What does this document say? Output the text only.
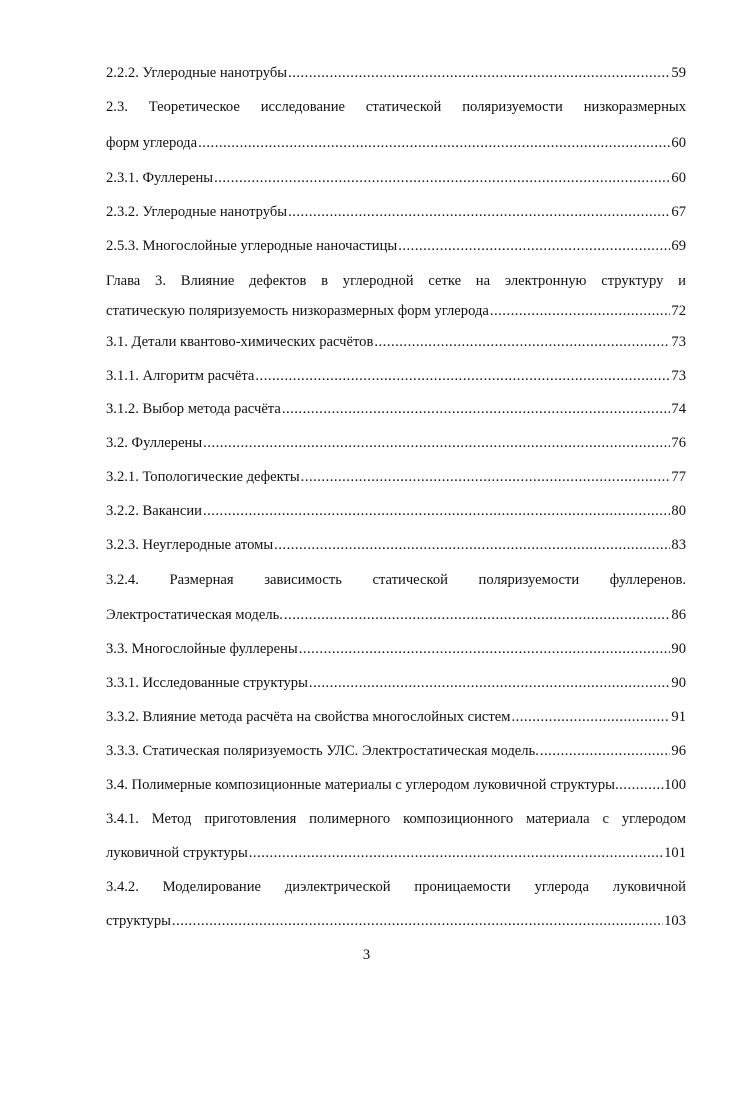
2.2.2. Углеродные нанотрубы .....	59
2.3. Теоретическое исследование статической поляризуемости низкоразмерных
форм углерода .....	60
2.3.1. Фуллерены .....	60
2.3.2. Углеродные нанотрубы .....	67
2.5.3. Многослойные углеродные наночастицы .....	69
Глава 3. Влияние дефектов в углеродной сетке на электронную структуру и
статическую поляризуемость низкоразмерных форм углерода .....	72
3.1. Детали квантово-химических расчётов .....	73
3.1.1. Алгоритм расчёта .....	73
3.1.2. Выбор метода расчёта .....	74
3.2. Фуллерены .....	76
3.2.1. Топологические дефекты .....	77
3.2.2. Вакансии .....	80
3.2.3. Неуглеродные атомы .....	83
3.2.4. Размерная зависимость статической поляризуемости фуллеренов.
Электростатическая модель. .....	86
3.3. Многослойные фуллерены .....	90
3.3.1. Исследованные структуры .....	90
3.3.2. Влияние метода расчёта на свойства многослойных систем .....	91
3.3.3. Статическая поляризуемость УЛС. Электростатическая модель. .....	96
3.4. Полимерные композиционные материалы с углеродом луковичной структуры .....	100
3.4.1. Метод приготовления полимерного композиционного материала с углеродом
луковичной структуры .....	101
3.4.2. Моделирование диэлектрической проницаемости углерода луковичной
структуры .....	103
3
